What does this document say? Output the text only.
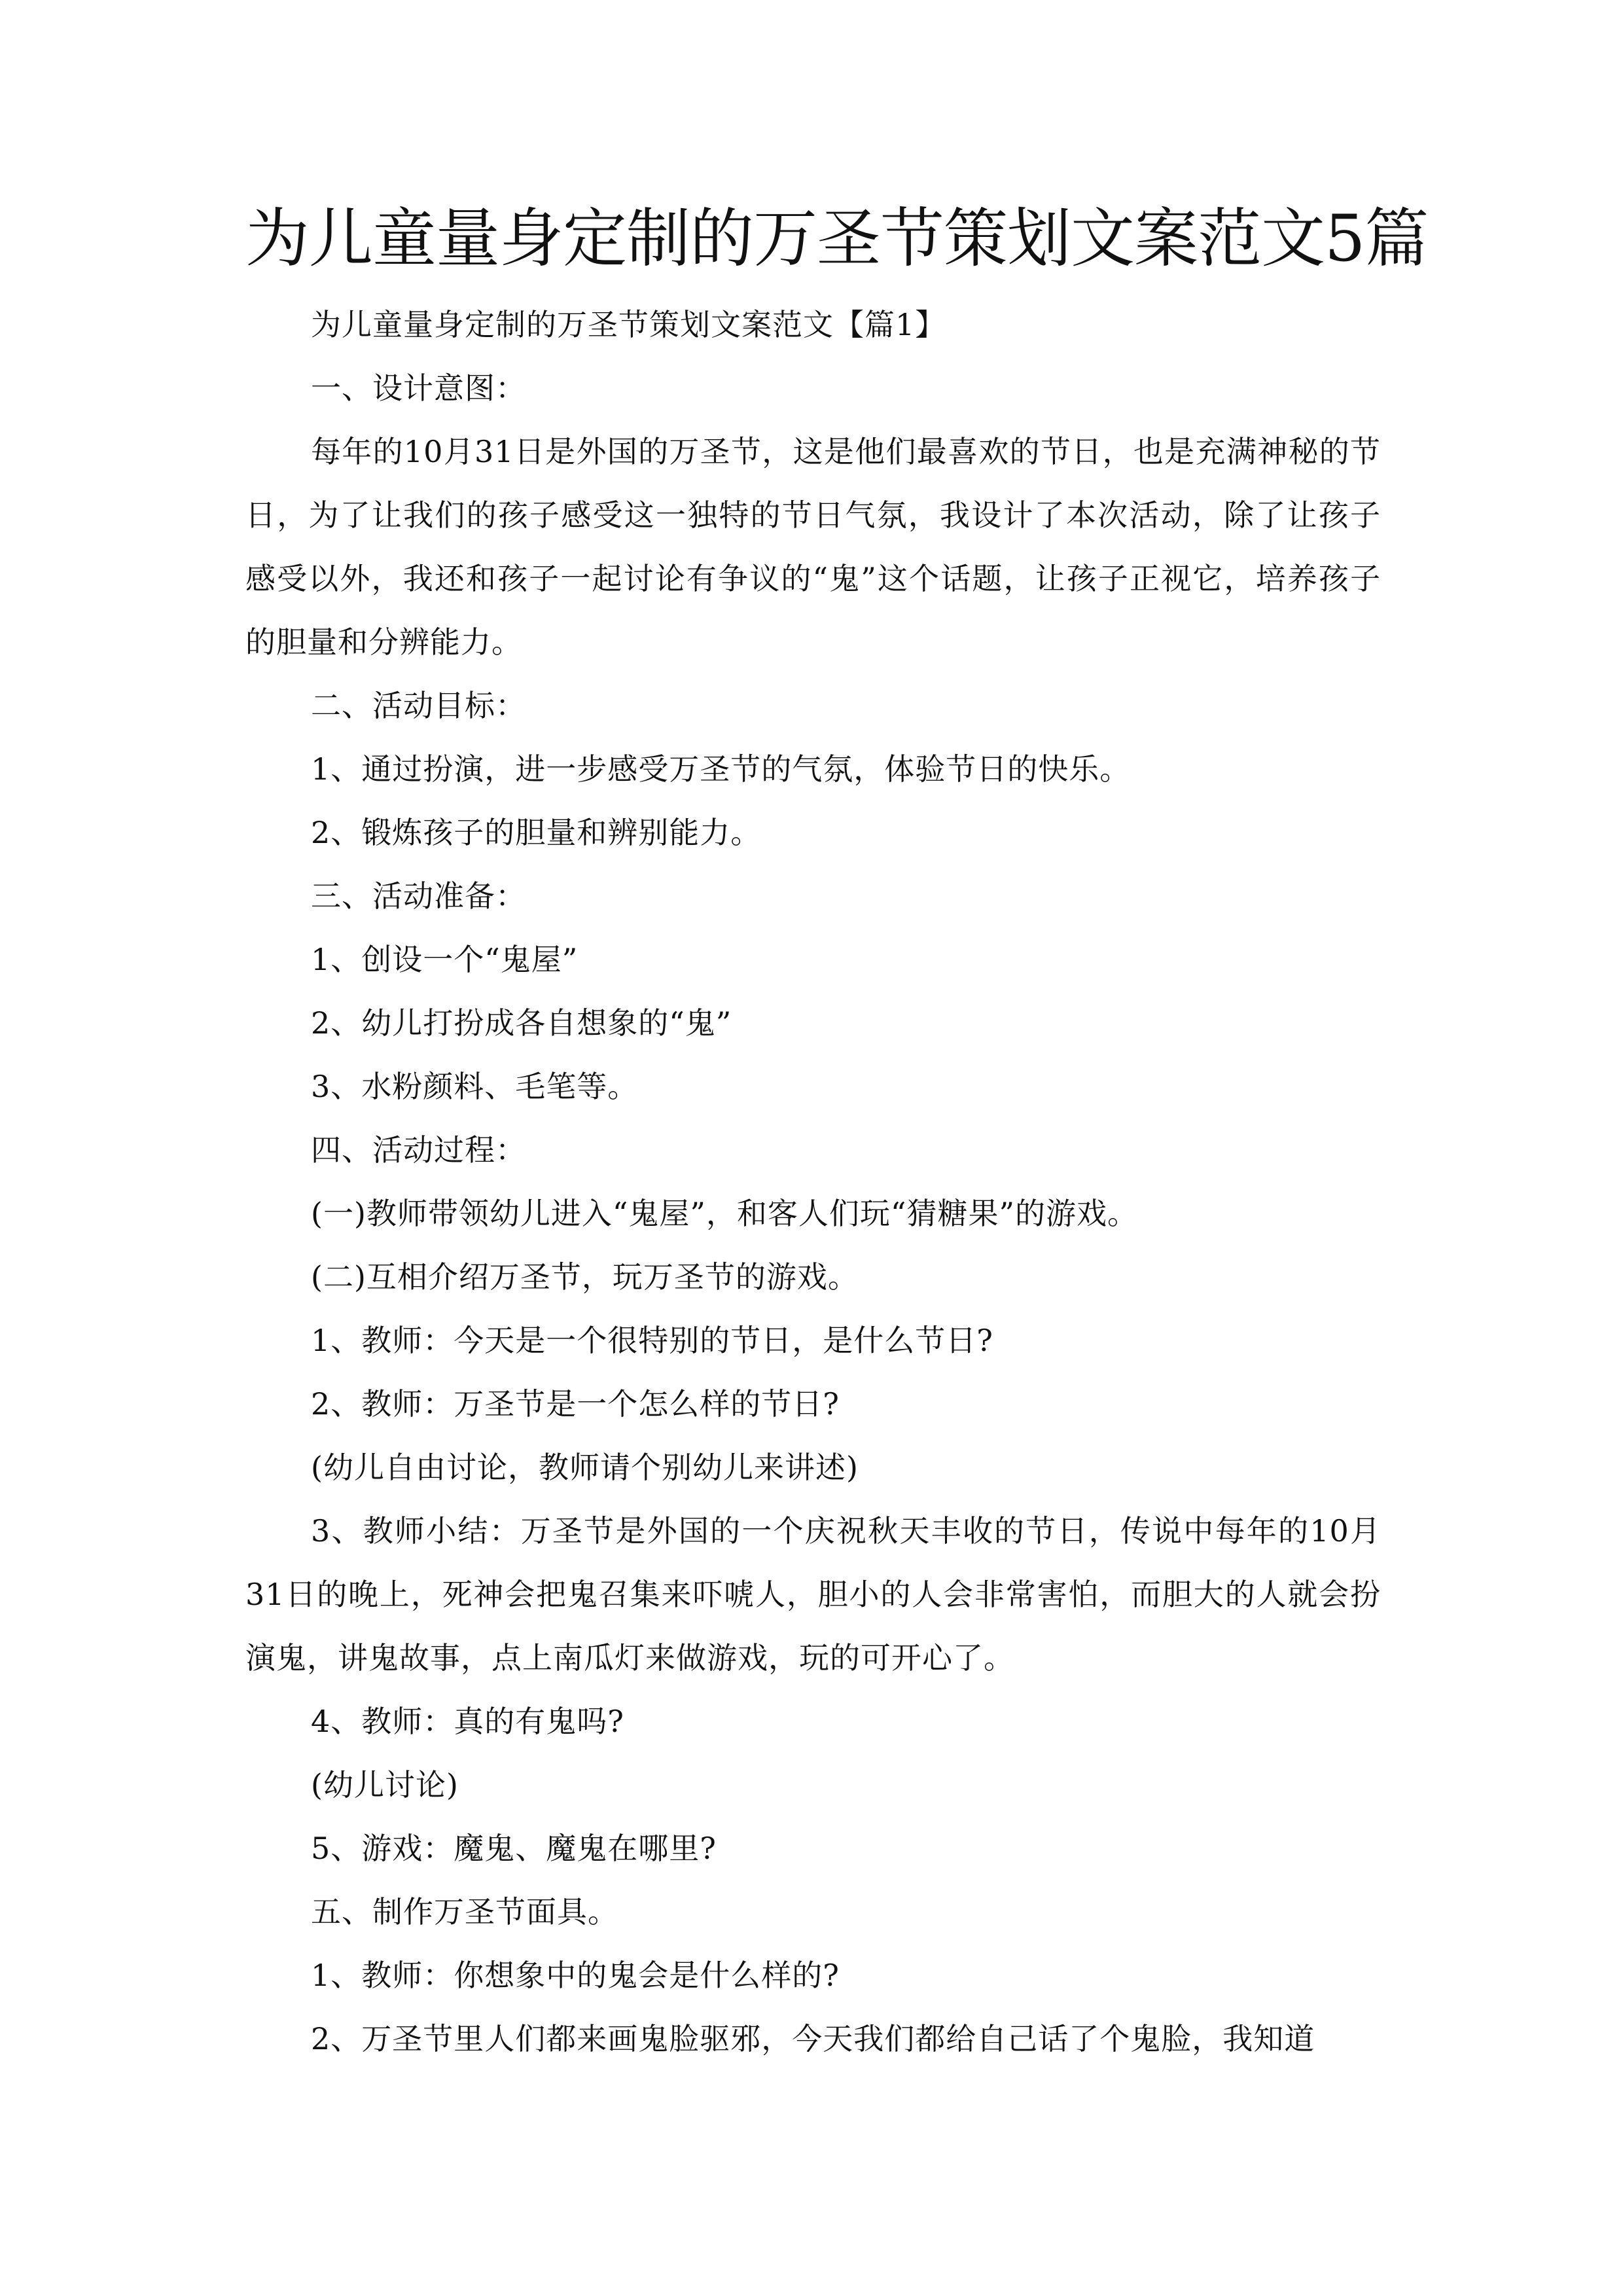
为儿童量身定制的万圣节策划文案范文5篇

为儿童量身定制的万圣节策划文案范文【篇1】

一、设计意图：

每年的10月31日是外国的万圣节，这是他们最喜欢的节日，也是充满神秘的节日，为了让我们的孩子感受这一独特的节日气氛，我设计了本次活动，除了让孩子感受以外，我还和孩子一起讨论有争议的“鬼”这个话题，让孩子正视它，培养孩子的胆量和分辨能力。

二、活动目标：

1、通过扮演，进一步感受万圣节的气氛，体验节日的快乐。

2、锻炼孩子的胆量和辨别能力。

三、活动准备：

1、创设一个“鬼屋”

2、幼儿打扮成各自想象的“鬼”

3、水粉颜料、毛笔等。

四、活动过程：

(一)教师带领幼儿进入“鬼屋”，和客人们玩“猜糖果”的游戏。

(二)互相介绍万圣节，玩万圣节的游戏。

1、教师：今天是一个很特别的节日，是什么节日?

2、教师：万圣节是一个怎么样的节日?

(幼儿自由讨论，教师请个别幼儿来讲述)

3、教师小结：万圣节是外国的一个庆祝秋天丰收的节日，传说中每年的10月31日的晚上，死神会把鬼召集来吓唬人，胆小的人会非常害怕，而胆大的人就会扮演鬼，讲鬼故事，点上南瓜灯来做游戏，玩的可开心了。

4、教师：真的有鬼吗?

(幼儿讨论)

5、游戏：魔鬼、魔鬼在哪里?

五、制作万圣节面具。

1、教师：你想象中的鬼会是什么样的?

2、万圣节里人们都来画鬼脸驱邪，今天我们都给自己话了个鬼脸，我知道
